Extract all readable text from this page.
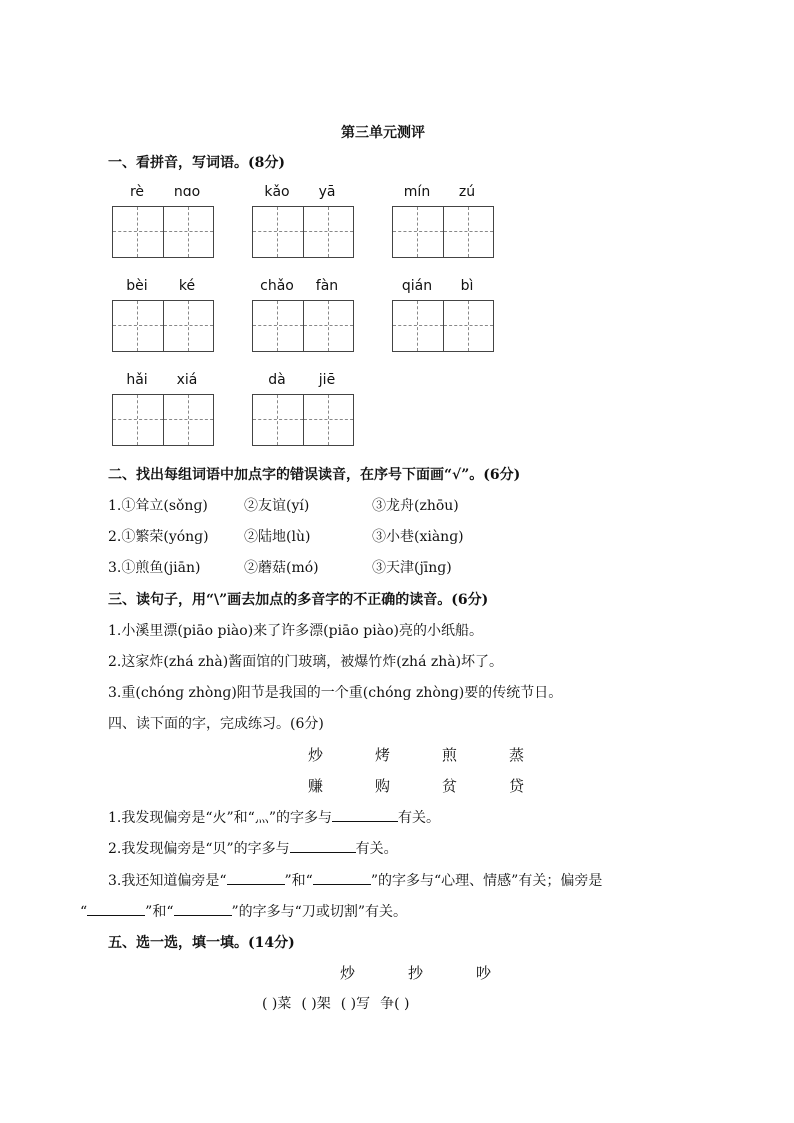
第三单元测评
一、看拼音，写词语。(8分)
rè	nɑo	kǎo	yā	mín	zú
bèi	ké	chǎo	fàn	qián	bì
hǎi	xiá	dà	jiē
二、找出每组词语中加点字的错误读音，在序号下面画“√”。(6分)
1.①耸立(sǒnɡ)	②友谊(yí)	③龙舟(zhōu)
2.①繁荣(yónɡ)	②陆地(lù)	③小巷(xiànɡ)
3.①煎鱼(jiān)	②蘑菇(mó)	③天津(jīnɡ)
三、读句子，用“\”画去加点的多音字的不正确的读音。(6分)
1.小溪里漂(piāo piào)来了许多漂(piāo piào)亮的小纸船。
2.这家炸(zhá zhà)酱面馆的门玻璃，被爆竹炸(zhá zhà)坏了。
3.重(chónɡ zhònɡ)阳节是我国的一个重(chónɡ zhònɡ)要的传统节日。
四、读下面的字，完成练习。(6分)
炒	烤	煎	蒸
赚	购	贫	贷
1.我发现偏旁是“火”和“灬”的字多与	有关。
2.我发现偏旁是“贝”的字多与	有关。
3.我还知道偏旁是“	”和“	”的字多与“心理、情感”有关；偏旁是
“	”和“	”的字多与“刀或切割”有关。
五、选一选，填一填。(14分)
炒	抄	吵
( )菜 ( )架 ( )写 争( )
